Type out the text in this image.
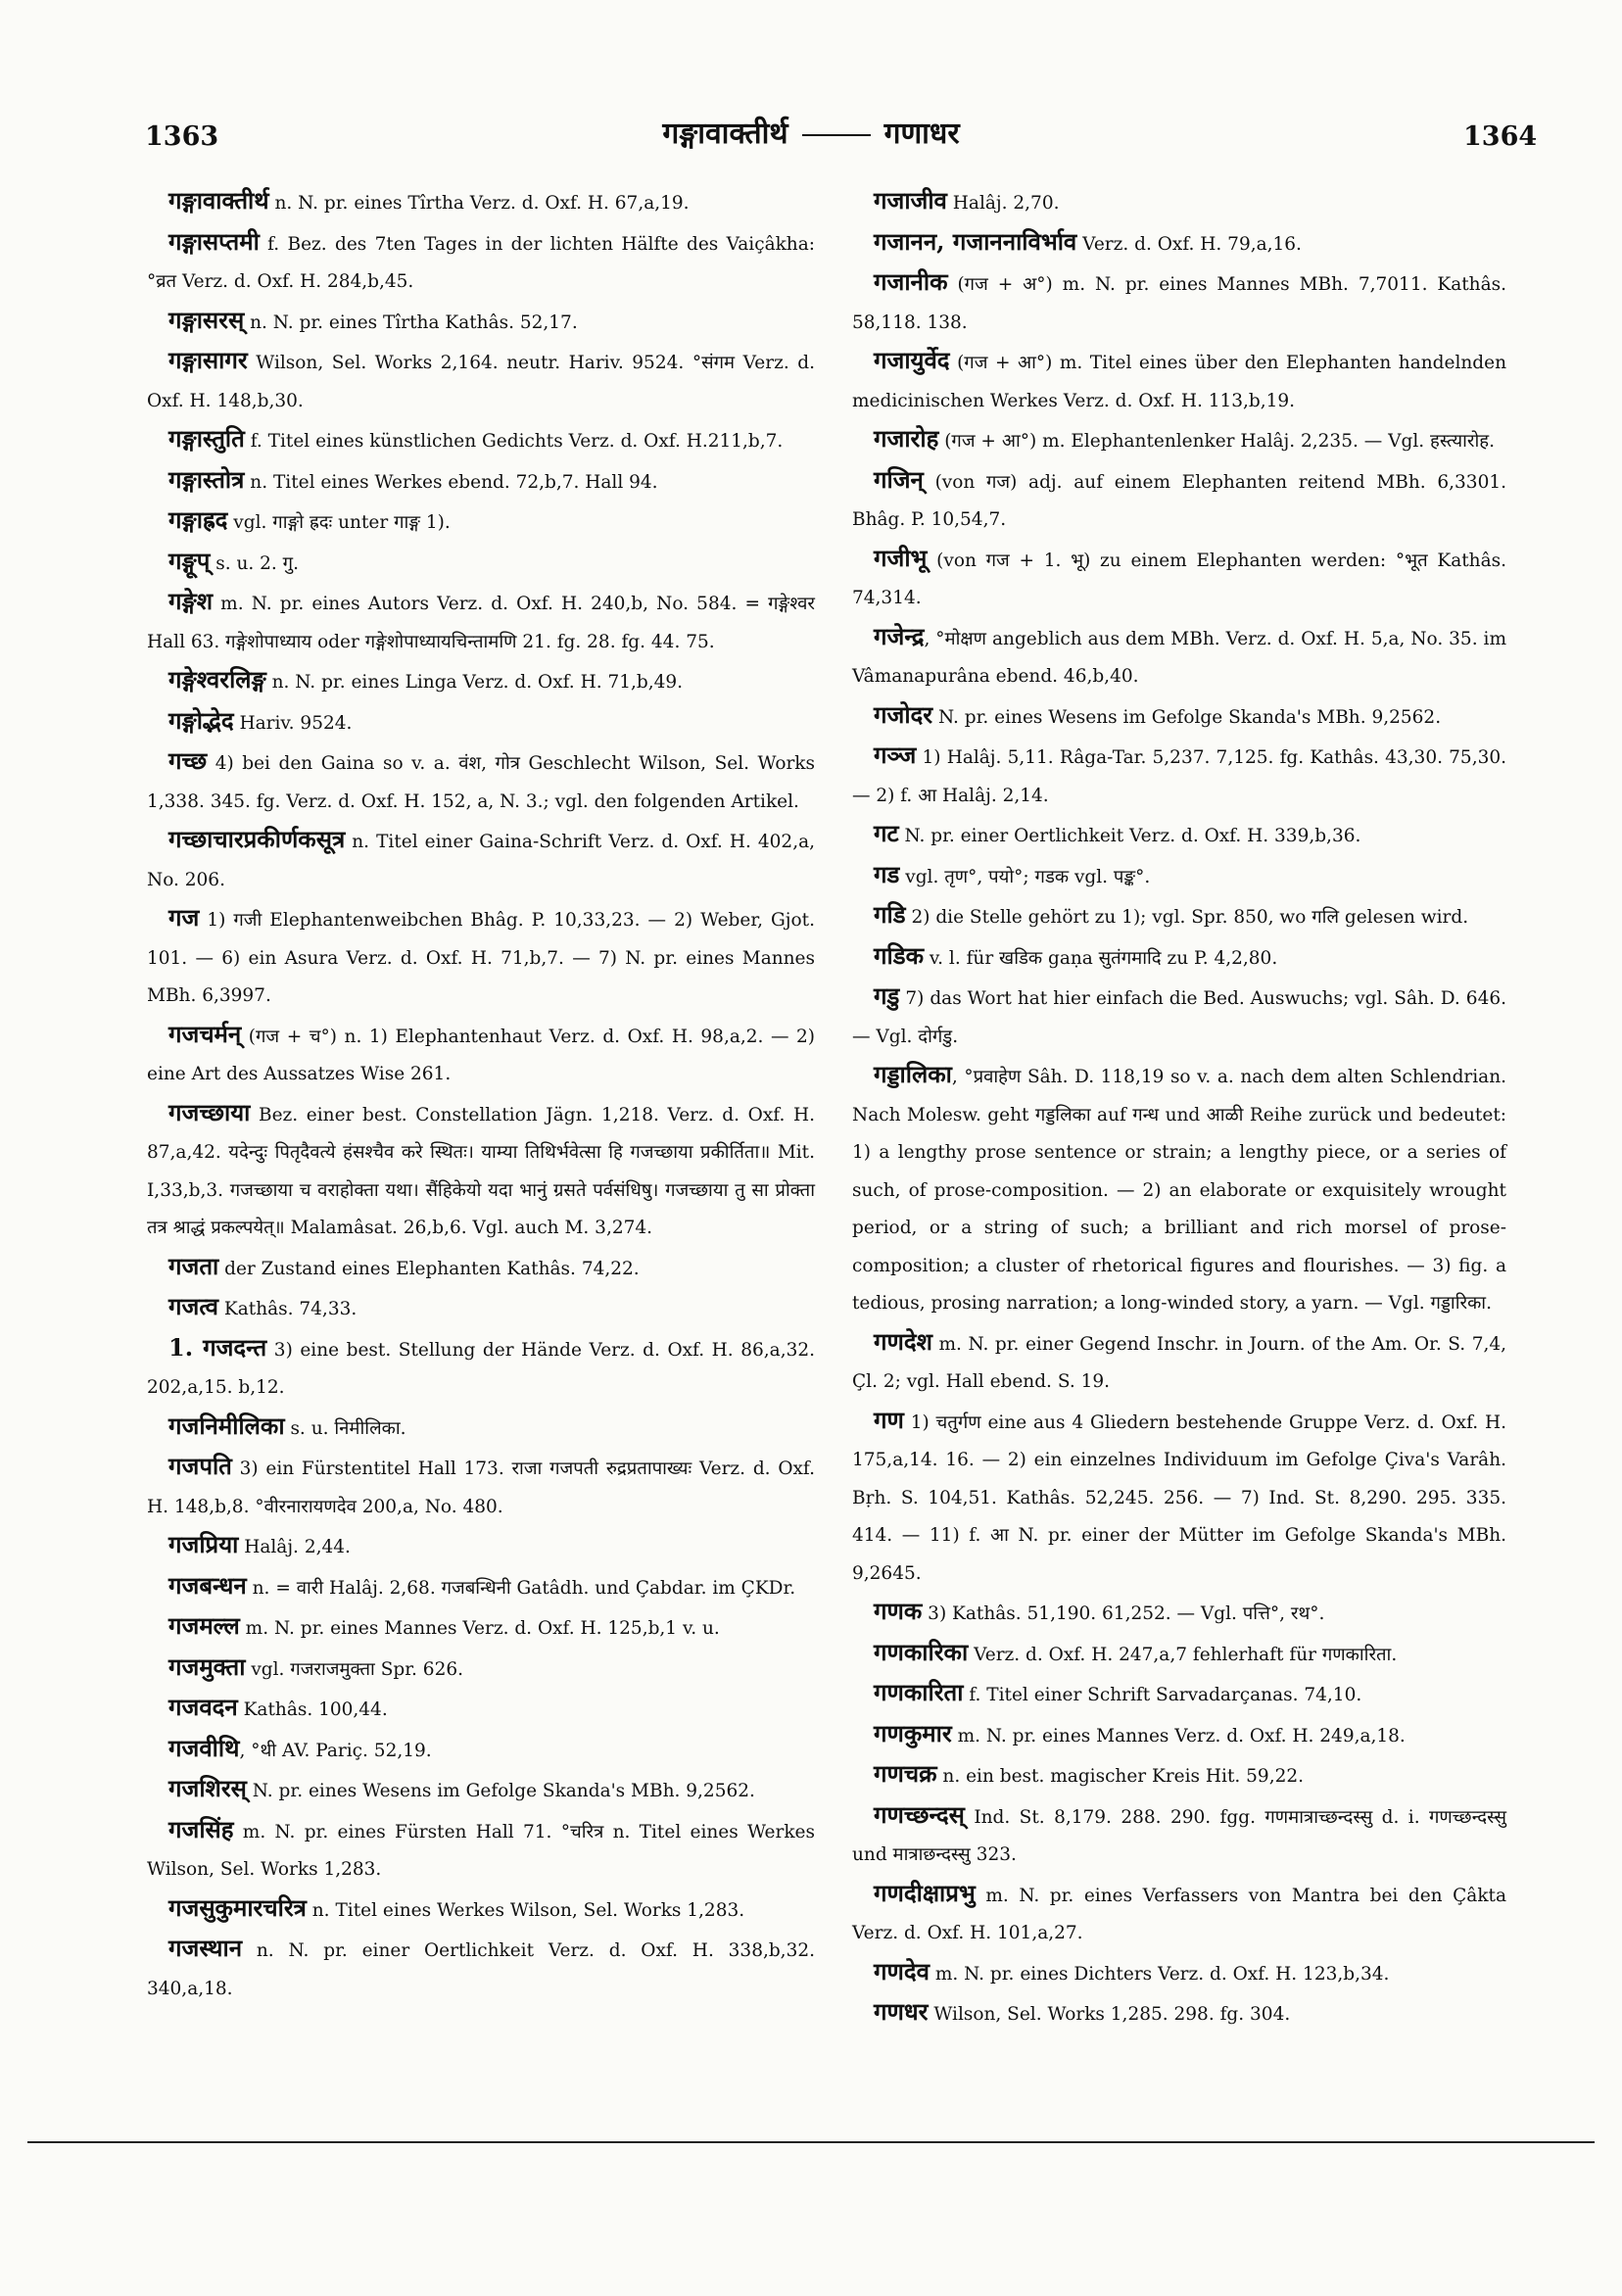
1363	गङ्गावाक्तीर्थ	गणाधर	1364

गङ्गावाक्तीर्थ n. N. pr. eines Tîrtha Verz. d. Oxf. H. 67,a,19.

गङ्गासप्तमी f. Bez. des 7ten Tages in der lichten Hälfte des Vaiçâkha: °व्रत Verz. d. Oxf. H. 284,b,45.

गङ्गासरस् n. N. pr. eines Tîrtha Kathâs. 52,17.

गङ्गासागर Wilson, Sel. Works 2,164. neutr. Hariv. 9524. °संगम Verz. d. Oxf. H. 148,b,30.

गङ्गास्तुति f. Titel eines künstlichen Gedichts Verz. d. Oxf. H.211,b,7.

गङ्गास्तोत्र n. Titel eines Werkes ebend. 72,b,7. Hall 94.

गङ्गाह्रद vgl. गाङ्गो ह्रदः unter गाङ्ग 1).

गङ्गूप् s. u. 2. गु.

गङ्गेश m. N. pr. eines Autors Verz. d. Oxf. H. 240,b, No. 584. = गङ्गेश्वर Hall 63. गङ्गेशोपाध्याय oder गङ्गेशोपाध्यायचिन्तामणि 21. fg. 28. fg. 44. 75.

गङ्गेश्वरलिङ्ग n. N. pr. eines Linga Verz. d. Oxf. H. 71,b,49.

गङ्गोद्भेद Hariv. 9524.

गच्छ 4) bei den Gaina so v. a. वंश, गोत्र Geschlecht Wilson, Sel. Works 1,338. 345. fg. Verz. d. Oxf. H. 152, a, N. 3.; vgl. den folgenden Artikel.

गच्छाचारप्रकीर्णकसूत्र n. Titel einer Gaina-Schrift Verz. d. Oxf. H. 402,a, No. 206.

गज 1) गजी Elephantenweibchen Bhâg. P. 10,33,23. — 2) Weber, Gjot. 101. — 6) ein Asura Verz. d. Oxf. H. 71,b,7. — 7) N. pr. eines Mannes MBh. 6,3997.

गजचर्मन् (गज + च°) n. 1) Elephantenhaut Verz. d. Oxf. H. 98,a,2. — 2) eine Art des Aussatzes Wise 261.

गजच्छाया Bez. einer best. Constellation Jägn. 1,218. Verz. d. Oxf. H. 87,a,42. यदेन्दुः पितृदैवत्ये हंसश्चैव करे स्थितः। याम्या तिथिर्भवेत्सा हि गजच्छाया प्रकीर्तिता॥ Mit. I,33,b,3. गजच्छाया च वराहोक्ता यथा। सैंहिकेयो यदा भानुं ग्रसते पर्वसंधिषु। गजच्छाया तु सा प्रोक्ता तत्र श्राद्धं प्रकल्पयेत्॥ Malamâsat. 26,b,6. Vgl. auch M. 3,274.

गजता der Zustand eines Elephanten Kathâs. 74,22.

गजत्व Kathâs. 74,33.

1. गजदन्त 3) eine best. Stellung der Hände Verz. d. Oxf. H. 86,a,32. 202,a,15. b,12.

गजनिमीलिका s. u. निमीलिका.

गजपति 3) ein Fürstentitel Hall 173. राजा गजपती रुद्रप्रतापाख्यः Verz. d. Oxf. H. 148,b,8. °वीरनारायणदेव 200,a, No. 480.

गजप्रिया Halâj. 2,44.

गजबन्धन n. = वारी Halâj. 2,68. गजबन्धिनी Gatâdh. und Çabdar. im ÇKDr.

गजमल्ल m. N. pr. eines Mannes Verz. d. Oxf. H. 125,b,1 v. u.

गजमुक्ता vgl. गजराजमुक्ता Spr. 626.

गजवदन Kathâs. 100,44.

गजवीथि, °थी AV. Pariç. 52,19.

गजशिरस् N. pr. eines Wesens im Gefolge Skanda's MBh. 9,2562.

गजसिंह m. N. pr. eines Fürsten Hall 71. °चरित्र n. Titel eines Werkes Wilson, Sel. Works 1,283.

गजसुकुमारचरित्र n. Titel eines Werkes Wilson, Sel. Works 1,283.

गजस्थान n. N. pr. einer Oertlichkeit Verz. d. Oxf. H. 338,b,32. 340,a,18.

गजाजीव Halâj. 2,70.

गजानन, गजाननाविर्भाव Verz. d. Oxf. H. 79,a,16.

गजानीक (गज + अ°) m. N. pr. eines Mannes MBh. 7,7011. Kathâs. 58,118. 138.

गजायुर्वेद (गज + आ°) m. Titel eines über den Elephanten handelnden medicinischen Werkes Verz. d. Oxf. H. 113,b,19.

गजारोह (गज + आ°) m. Elephantenlenker Halâj. 2,235. — Vgl. हस्त्यारोह.

गजिन् (von गज) adj. auf einem Elephanten reitend MBh. 6,3301. Bhâg. P. 10,54,7.

गजीभू (von गज + 1. भू) zu einem Elephanten werden: °भूत Kathâs. 74,314.

गजेन्द्र, °मोक्षण angeblich aus dem MBh. Verz. d. Oxf. H. 5,a, No. 35. im Vâmanapurâna ebend. 46,b,40.

गजोदर N. pr. eines Wesens im Gefolge Skanda's MBh. 9,2562.

गञ्ज 1) Halâj. 5,11. Râga-Tar. 5,237. 7,125. fg. Kathâs. 43,30. 75,30. — 2) f. आ Halâj. 2,14.

गट N. pr. einer Oertlichkeit Verz. d. Oxf. H. 339,b,36.

गड vgl. तृण°, पयो°; गडक vgl. पङ्क°.

गडि 2) die Stelle gehört zu 1); vgl. Spr. 850, wo गलि gelesen wird.

गडिक v. l. für खडिक gaṇa सुतंगमादि zu P. 4,2,80.

गडु 7) das Wort hat hier einfach die Bed. Auswuchs; vgl. Sâh. D. 646. — Vgl. दोर्गडु.

गड्डालिका, °प्रवाहेण Sâh. D. 118,19 so v. a. nach dem alten Schlendrian. Nach Molesw. geht गड्डलिका auf गन्ध und आळी Reihe zurück und bedeutet: 1) a lengthy prose sentence or strain; a lengthy piece, or a series of such, of prose-composition. — 2) an elaborate or exquisitely wrought period, or a string of such; a brilliant and rich morsel of prose-composition; a cluster of rhetorical figures and flourishes. — 3) fig. a tedious, prosing narration; a long-winded story, a yarn. — Vgl. गड्डारिका.

गणदेश m. N. pr. einer Gegend Inschr. in Journ. of the Am. Or. S. 7,4, Çl. 2; vgl. Hall ebend. S. 19.

गण 1) चतुर्गण eine aus 4 Gliedern bestehende Gruppe Verz. d. Oxf. H. 175,a,14. 16. — 2) ein einzelnes Individuum im Gefolge Çiva's Varâh. Bṛh. S. 104,51. Kathâs. 52,245. 256. — 7) Ind. St. 8,290. 295. 335. 414. — 11) f. आ N. pr. einer der Mütter im Gefolge Skanda's MBh. 9,2645.

गणक 3) Kathâs. 51,190. 61,252. — Vgl. पत्ति°, रथ°.

गणकारिका Verz. d. Oxf. H. 247,a,7 fehlerhaft für गणकारिता.

गणकारिता f. Titel einer Schrift Sarvadarçanas. 74,10.

गणकुमार m. N. pr. eines Mannes Verz. d. Oxf. H. 249,a,18.

गणचक्र n. ein best. magischer Kreis Hit. 59,22.

गणच्छन्दस् Ind. St. 8,179. 288. 290. fgg. गणमात्राच्छन्दस्सु d. i. गणच्छन्दस्सु und मात्राछन्दस्सु 323.

गणदीक्षाप्रभु m. N. pr. eines Verfassers von Mantra bei den Çâkta Verz. d. Oxf. H. 101,a,27.

गणदेव m. N. pr. eines Dichters Verz. d. Oxf. H. 123,b,34.

गणधर Wilson, Sel. Works 1,285. 298. fg. 304.
